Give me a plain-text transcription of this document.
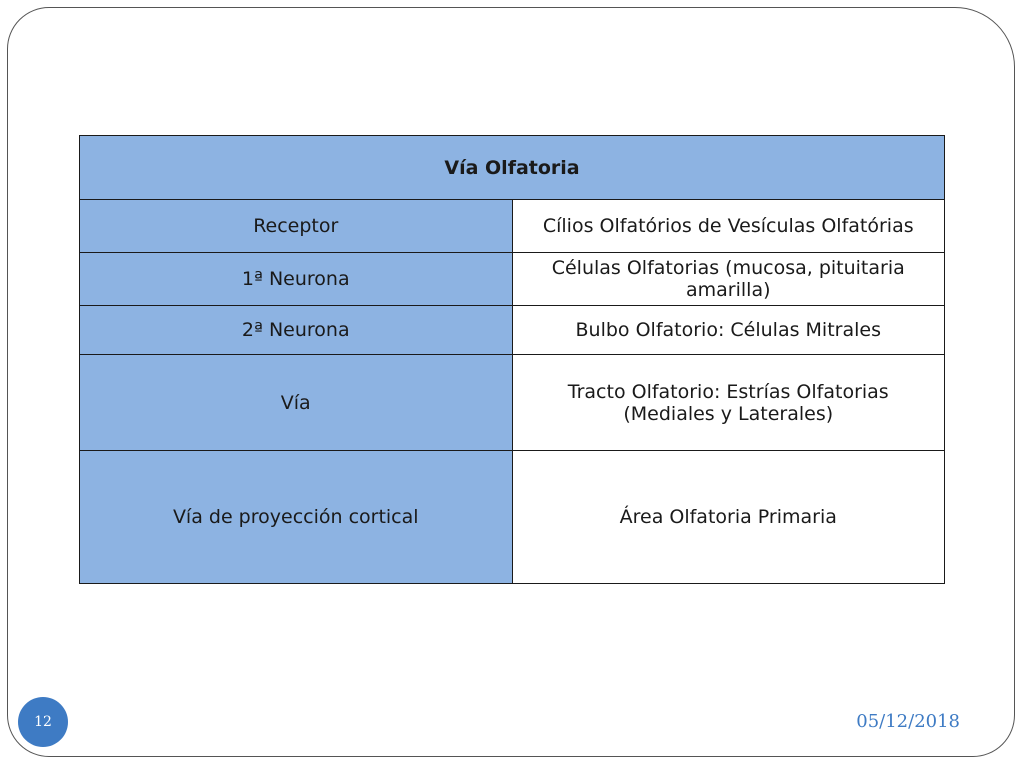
Vía Olfatoria	
Receptor	Cílios Olfatórios de Vesículas Olfatórias
1ª Neurona	Células Olfatorias (mucosa, pituitaria amarilla)
2ª Neurona	Bulbo Olfatorio: Células Mitrales
Vía	Tracto Olfatorio: Estrías Olfatorias (Mediales y Laterales)
Vía de proyección cortical	Área Olfatoria Primaria
12	05/12/2018
